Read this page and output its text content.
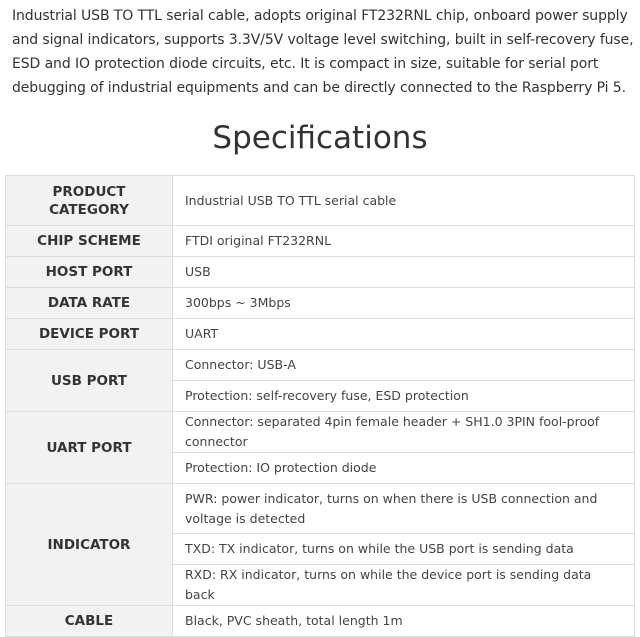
Industrial USB TO TTL serial cable, adopts original FT232RNL chip, onboard power supply and signal indicators, supports 3.3V/5V voltage level switching, built in self-recovery fuse, ESD and IO protection diode circuits, etc. It is compact in size, suitable for serial port debugging of industrial equipments and can be directly connected to the Raspberry Pi 5.

Specifications
PRODUCT CATEGORY	Industrial USB TO TTL serial cable
CHIP SCHEME	FTDI original FT232RNL
HOST PORT	USB
DATA RATE	300bps ~ 3Mbps
DEVICE PORT	UART
USB PORT	Connector: USB-A
	Protection: self-recovery fuse, ESD protection
UART PORT	Connector: separated 4pin female header + SH1.0 3PIN fool-proof connector
	Protection: IO protection diode
INDICATOR	PWR: power indicator, turns on when there is USB connection and voltage is detected
	TXD: TX indicator, turns on while the USB port is sending data
	RXD: RX indicator, turns on while the device port is sending data back
CABLE	Black, PVC sheath, total length 1m
